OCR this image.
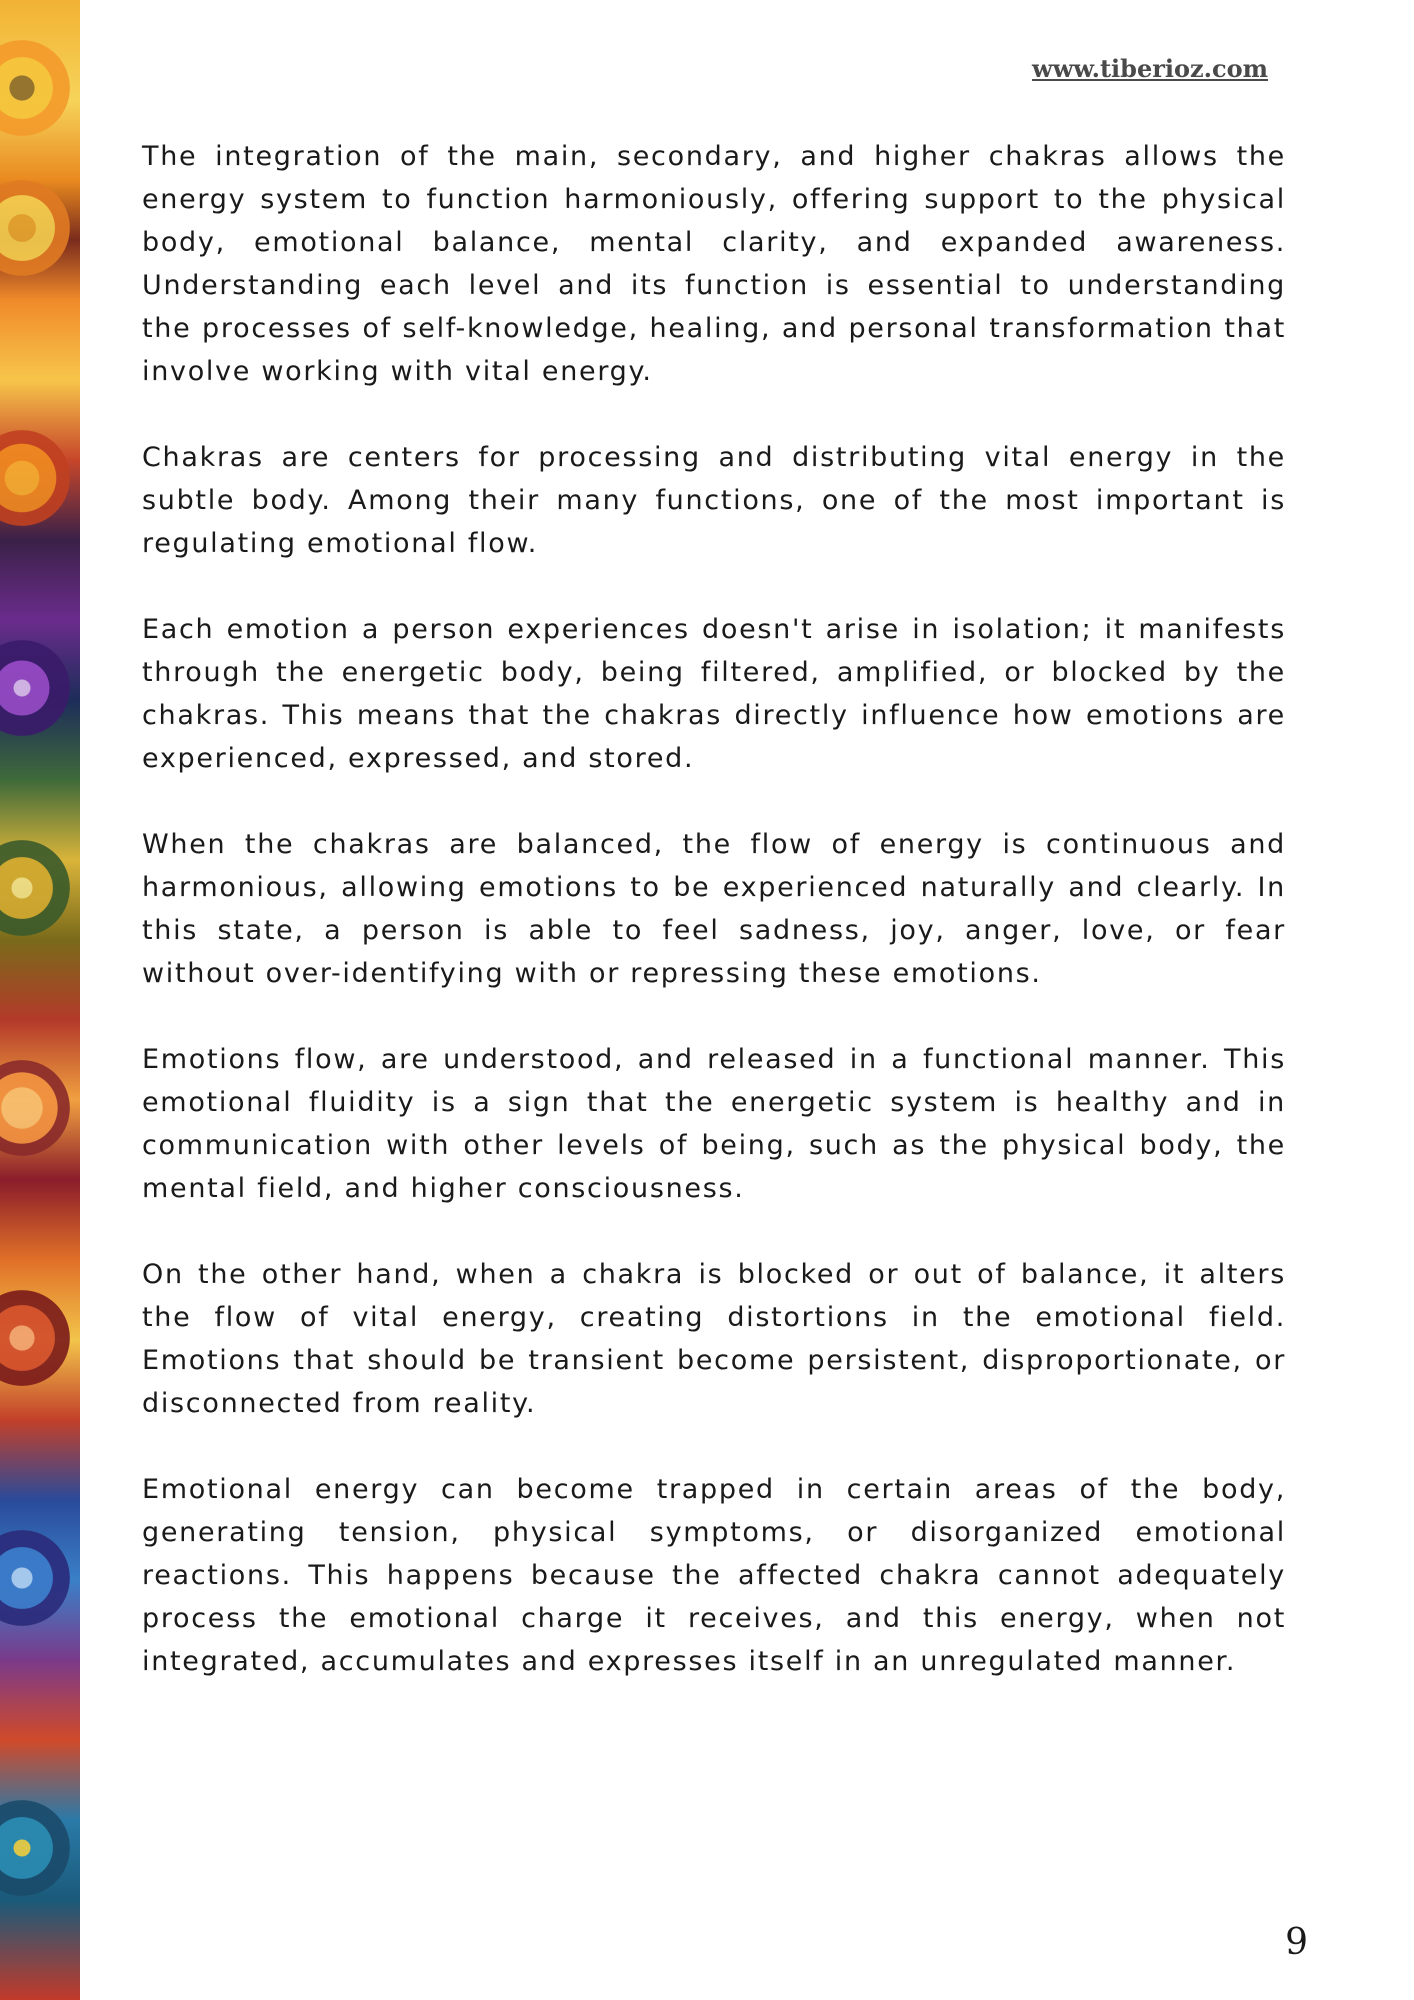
www.tiberioz.com

The integration of the main, secondary, and higher chakras allows the energy system to function harmoniously, offering support to the physical body, emotional balance, mental clarity, and expanded awareness. Understanding each level and its function is essential to understanding the processes of self-knowledge, healing, and personal transformation that involve working with vital energy.

Chakras are centers for processing and distributing vital energy in the subtle body. Among their many functions, one of the most important is regulating emotional flow.

Each emotion a person experiences doesn't arise in isolation; it manifests through the energetic body, being filtered, amplified, or blocked by the chakras. This means that the chakras directly influence how emotions are experienced, expressed, and stored.

When the chakras are balanced, the flow of energy is continuous and harmonious, allowing emotions to be experienced naturally and clearly. In this state, a person is able to feel sadness, joy, anger, love, or fear without over-identifying with or repressing these emotions.

Emotions flow, are understood, and released in a functional manner. This emotional fluidity is a sign that the energetic system is healthy and in communication with other levels of being, such as the physical body, the mental field, and higher consciousness.

On the other hand, when a chakra is blocked or out of balance, it alters the flow of vital energy, creating distortions in the emotional field. Emotions that should be transient become persistent, disproportionate, or disconnected from reality.

Emotional energy can become trapped in certain areas of the body, generating tension, physical symptoms, or disorganized emotional reactions. This happens because the affected chakra cannot adequately process the emotional charge it receives, and this energy, when not integrated, accumulates and expresses itself in an unregulated manner.

9
